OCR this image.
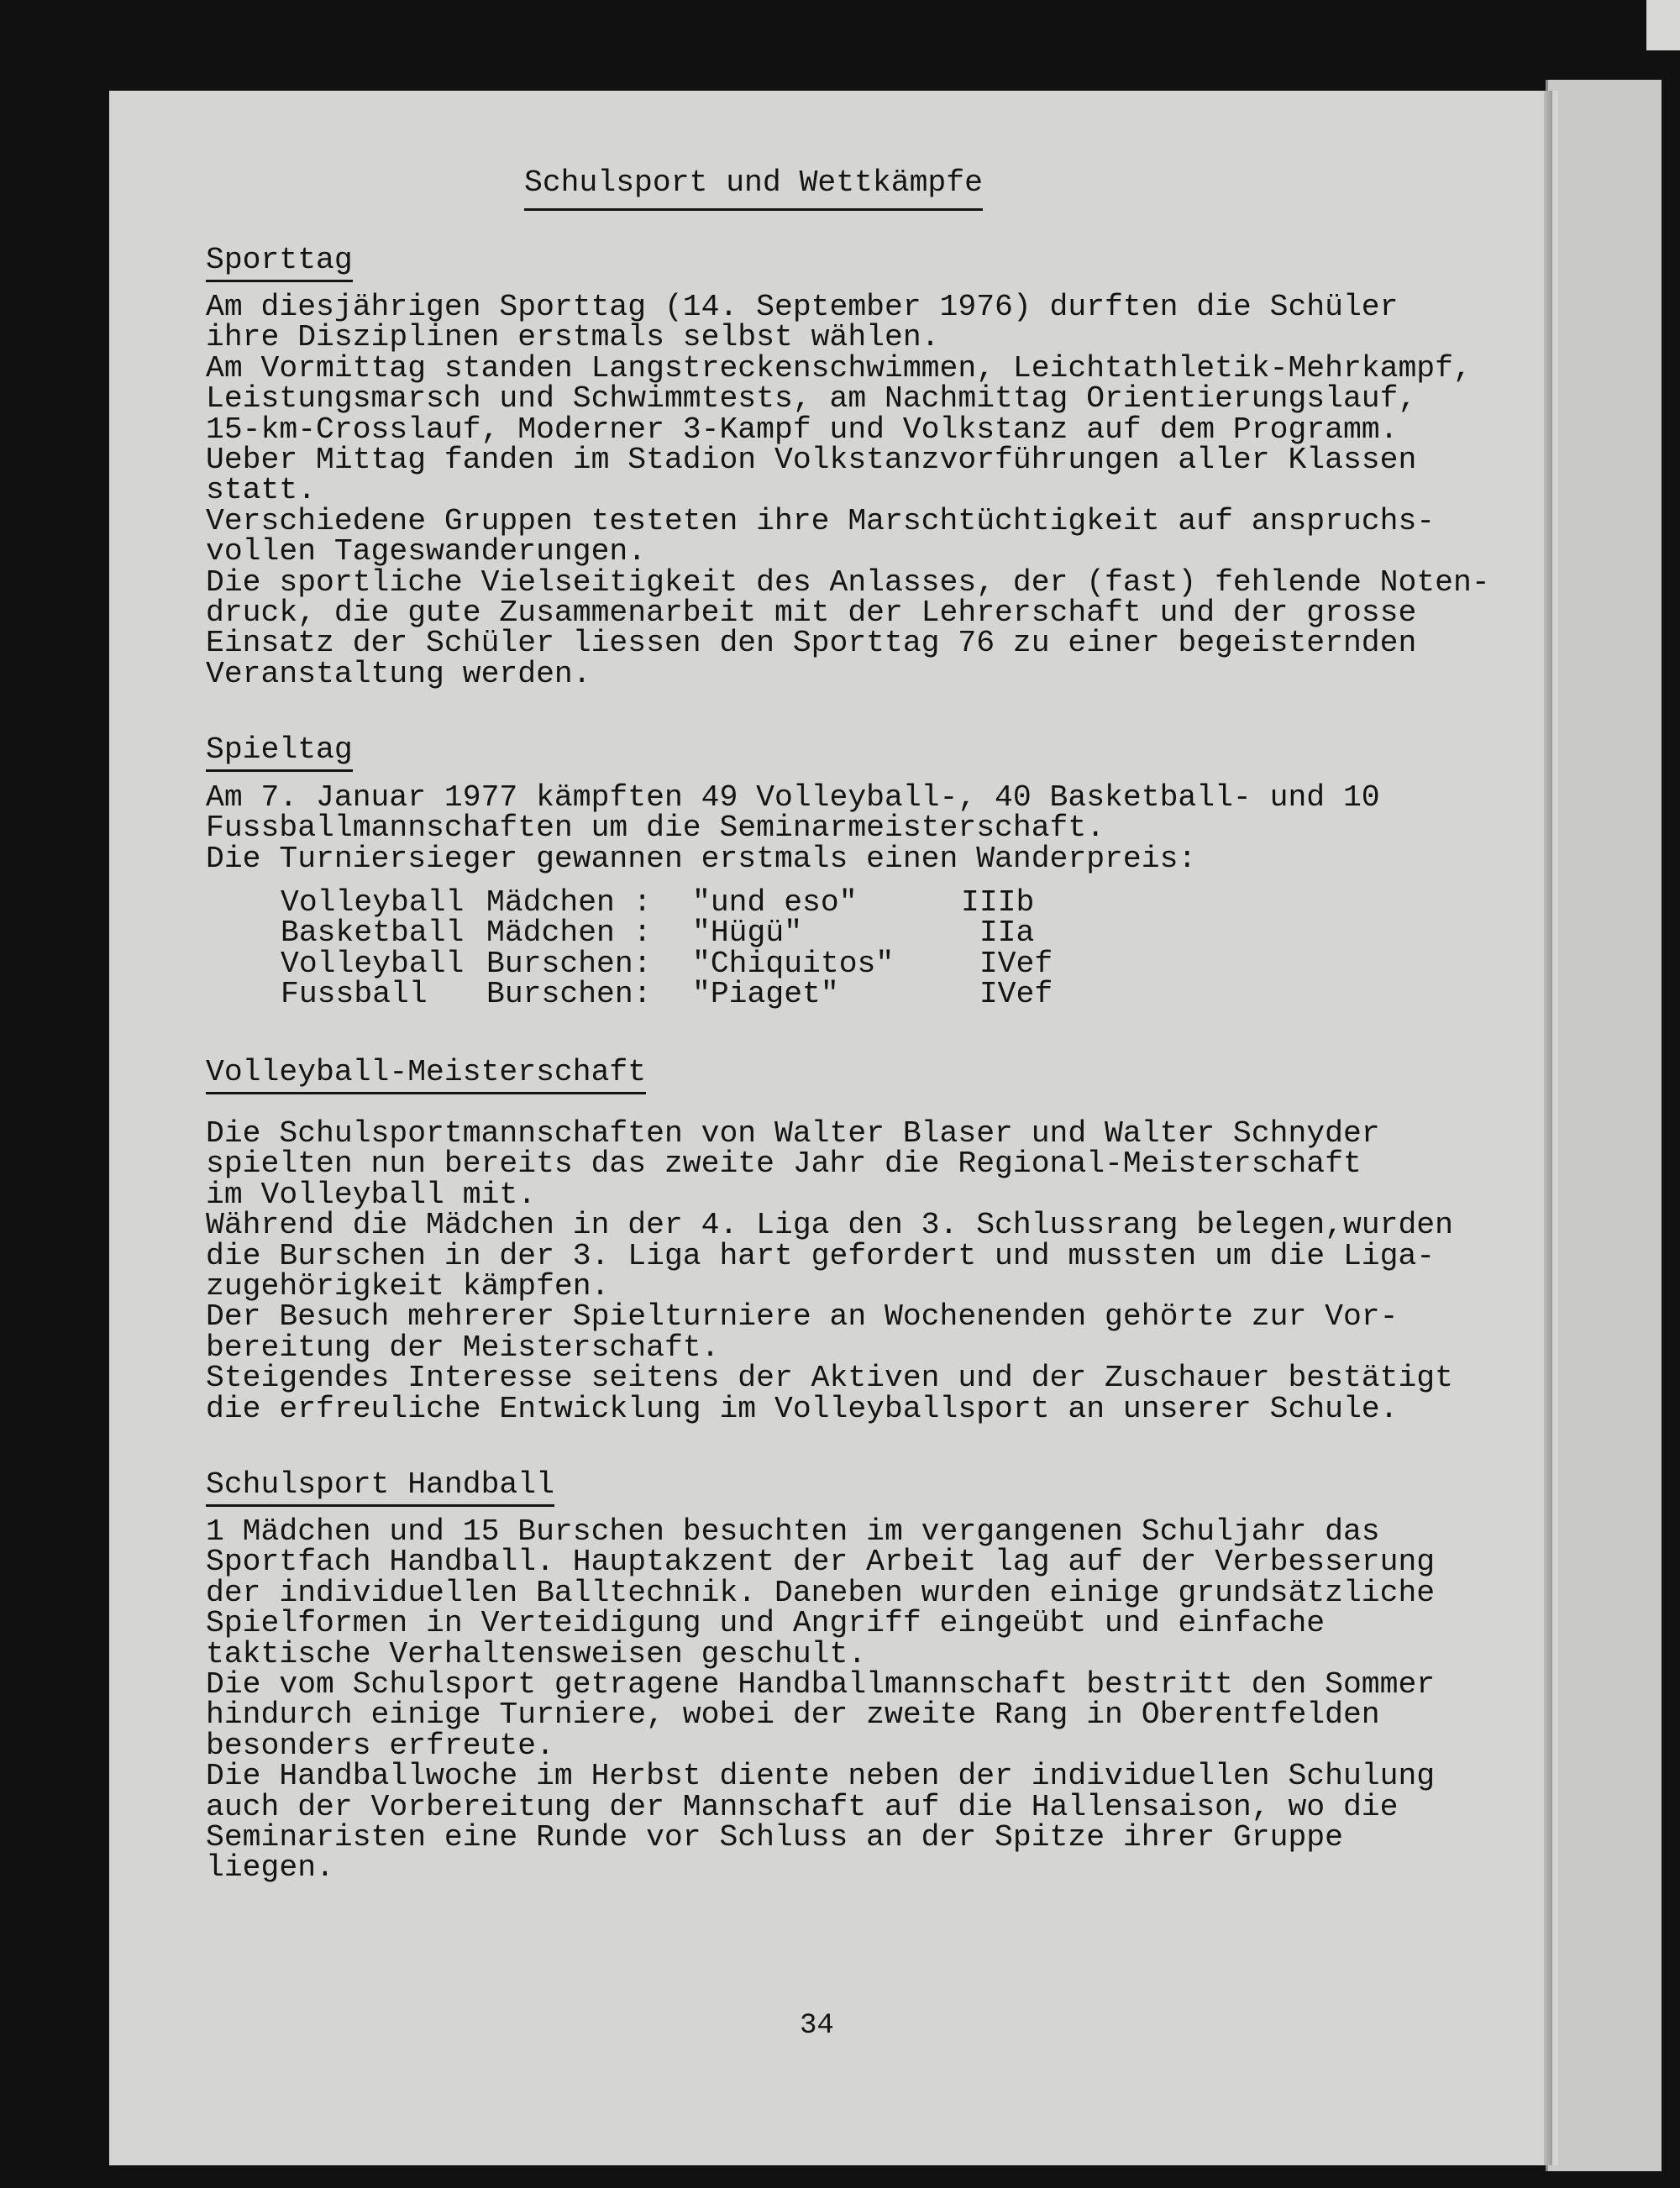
Schulsport und Wettkämpfe
Sporttag
Am diesjährigen Sporttag (14. September 1976) durften die Schüler
ihre Disziplinen erstmals selbst wählen.
Am Vormittag standen Langstreckenschwimmen, Leichtathletik-Mehrkampf,
Leistungsmarsch und Schwimmtests, am Nachmittag Orientierungslauf,
15-km-Crosslauf, Moderner 3-Kampf und Volkstanz auf dem Programm.
Ueber Mittag fanden im Stadion Volkstanzvorführungen aller Klassen
statt.
Verschiedene Gruppen testeten ihre Marschtüchtigkeit auf anspruchs-
vollen Tageswanderungen.
Die sportliche Vielseitigkeit des Anlasses, der (fast) fehlende Noten-
druck, die gute Zusammenarbeit mit der Lehrerschaft und der grosse
Einsatz der Schüler liessen den Sporttag 76 zu einer begeisternden
Veranstaltung werden.
Spieltag
Am 7. Januar 1977 kämpften 49 Volleyball-, 40 Basketball- und 10
Fussballmannschaften um die Seminarmeisterschaft.
Die Turniersieger gewannen erstmals einen Wanderpreis:
Volleyball Mädchen : "und eso"	IIIb
Basketball Mädchen : "Hügü"	IIa
Volleyball Burschen: "Chiquitos" IVef
Fussball Burschen: "Piaget"	IVef
Volleyball-Meisterschaft
Die Schulsportmannschaften von Walter Blaser und Walter Schnyder
spielten nun bereits das zweite Jahr die Regional-Meisterschaft
im Volleyball mit.
Während die Mädchen in der 4. Liga den 3. Schlussrang belegen,wurden
die Burschen in der 3. Liga hart gefordert und mussten um die Liga-
zugehörigkeit kämpfen.
Der Besuch mehrerer Spielturniere an Wochenenden gehörte zur Vor-
bereitung der Meisterschaft.
Steigendes Interesse seitens der Aktiven und der Zuschauer bestätigt
die erfreuliche Entwicklung im Volleyballsport an unserer Schule.
Schulsport Handball
1 Mädchen und 15 Burschen besuchten im vergangenen Schuljahr das
Sportfach Handball. Hauptakzent der Arbeit lag auf der Verbesserung
der individuellen Balltechnik. Daneben wurden einige grundsätzliche
Spielformen in Verteidigung und Angriff eingeübt und einfache
taktische Verhaltensweisen geschult.
Die vom Schulsport getragene Handballmannschaft bestritt den Sommer
hindurch einige Turniere, wobei der zweite Rang in Oberentfelden
besonders erfreute.
Die Handballwoche im Herbst diente neben der individuellen Schulung
auch der Vorbereitung der Mannschaft auf die Hallensaison, wo die
Seminaristen eine Runde vor Schluss an der Spitze ihrer Gruppe
liegen.
34
